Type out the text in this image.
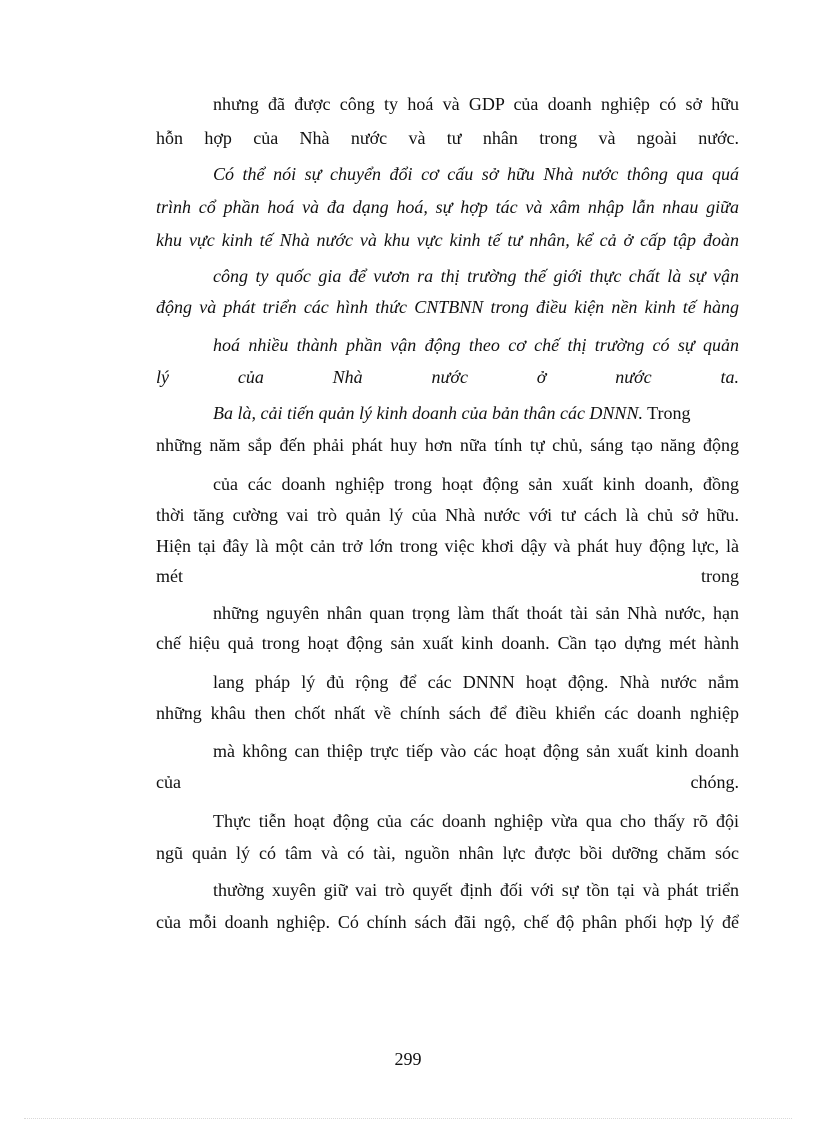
nhưng đã được công ty hoá và GDP của doanh nghiệp có sở hữu
hỗn hợp của Nhà nước và tư nhân trong và ngoài nước.
Có thể nói sự chuyển đổi cơ cấu sở hữu Nhà nước thông qua quá
trình cổ phần hoá và đa dạng hoá, sự hợp tác và xâm nhập lẫn nhau giữa
khu vực kinh tế Nhà nước và khu vực kinh tế tư nhân, kể cả ở cấp tập đoàn
công ty quốc gia để vươn ra thị trường thế giới thực chất là sự vận
động và phát triển các hình thức CNTBNN trong điều kiện nền kinh tế hàng
hoá nhiều thành phần vận động theo cơ chế thị trường có sự quản
lý của Nhà nước ở nước ta.
Ba là, cải tiến quản lý kinh doanh của bản thân các DNNN. Trong
những năm sắp đến phải phát huy hơn nữa tính tự chủ, sáng tạo năng động
của các doanh nghiệp trong hoạt động sản xuất kinh doanh, đồng
thời tăng cường vai trò quản lý của Nhà nước với tư cách là chủ sở hữu.
Hiện tại đây là một cản trở lớn trong việc khơi dậy và phát huy động lực, là
mét trong
những nguyên nhân quan trọng làm thất thoát tài sản Nhà nước, hạn
chế hiệu quả trong hoạt động sản xuất kinh doanh. Cần tạo dựng mét hành
lang pháp lý đủ rộng để các DNNN hoạt động. Nhà nước nắm
những khâu then chốt nhất về chính sách để điều khiển các doanh nghiệp
mà không can thiệp trực tiếp vào các hoạt động sản xuất kinh doanh
của chóng.
Thực tiễn hoạt động của các doanh nghiệp vừa qua cho thấy rõ đội
ngũ quản lý có tâm và có tài, nguồn nhân lực được bồi dưỡng chăm sóc
thường xuyên giữ vai trò quyết định đối với sự tồn tại và phát triển
của mỗi doanh nghiệp. Có chính sách đãi ngộ, chế độ phân phối hợp lý để
299
